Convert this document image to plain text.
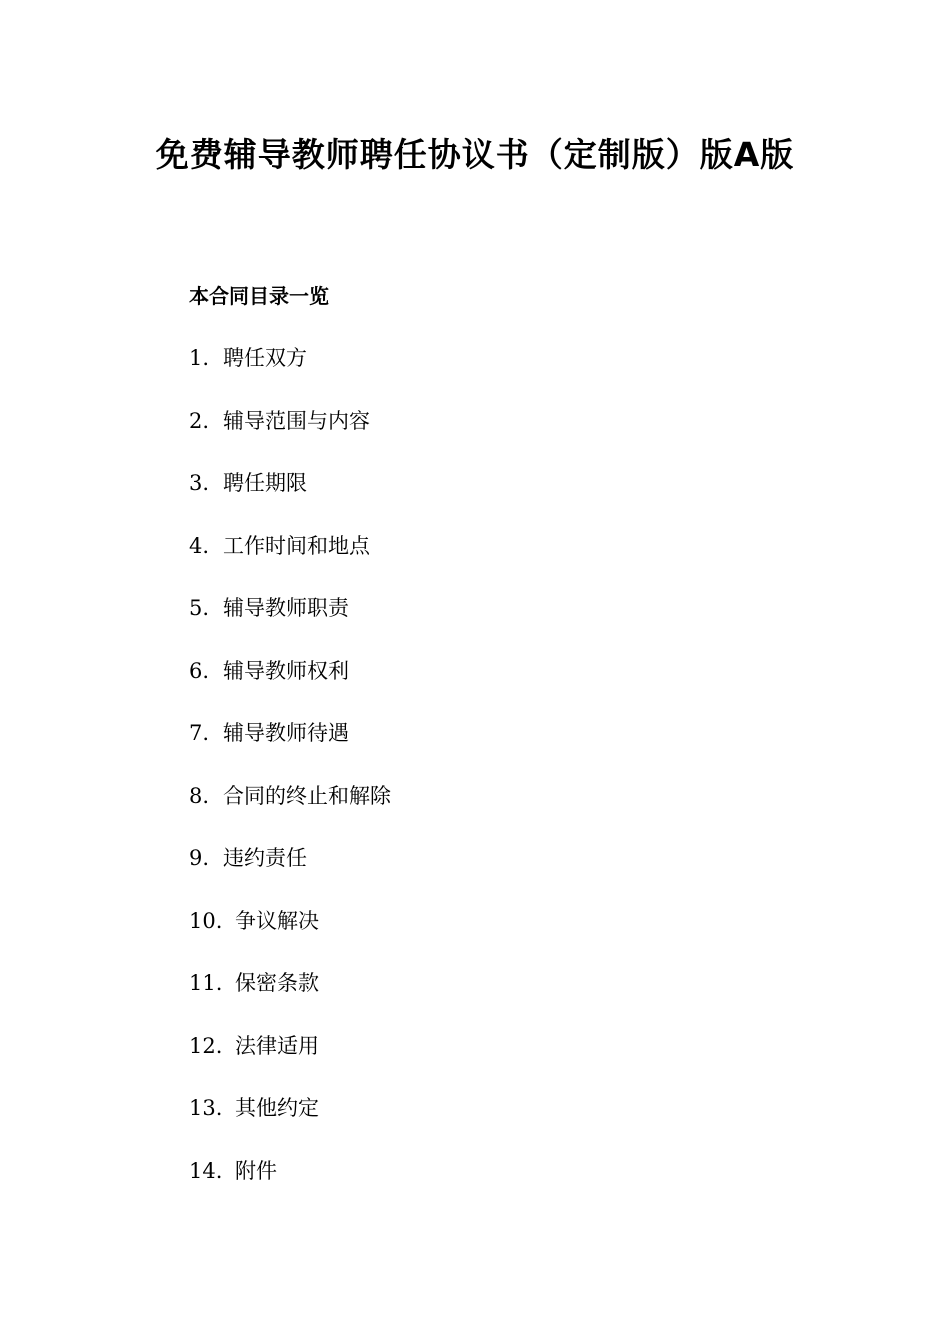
免费辅导教师聘任协议书（定制版）版A版
本合同目录一览
1. 聘任双方
2. 辅导范围与内容
3. 聘任期限
4. 工作时间和地点
5. 辅导教师职责
6. 辅导教师权利
7. 辅导教师待遇
8. 合同的终止和解除
9. 违约责任
10. 争议解决
11. 保密条款
12. 法律适用
13. 其他约定
14. 附件
